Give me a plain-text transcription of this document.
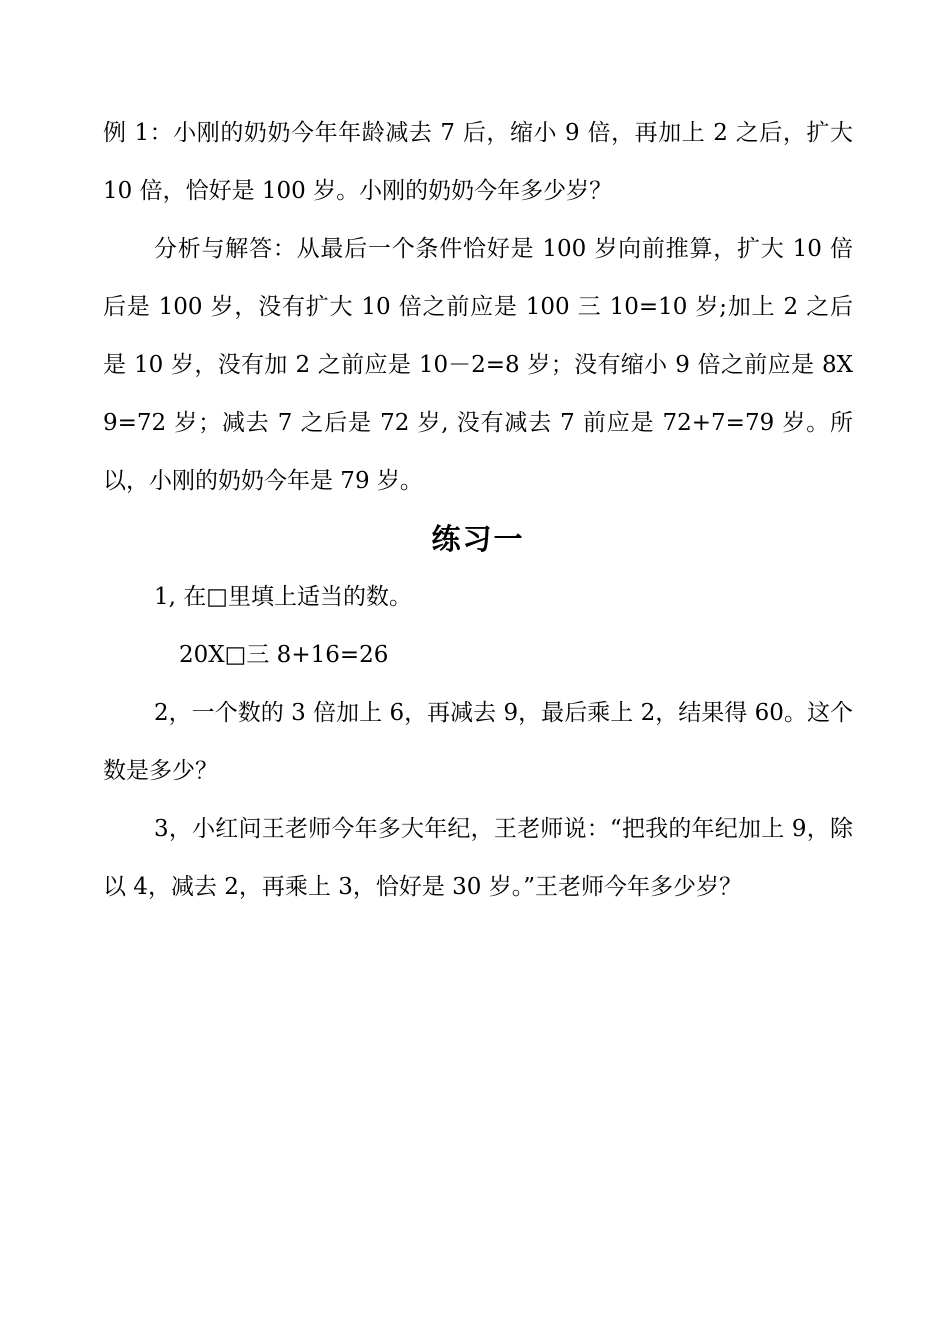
例 1：小刚的奶奶今年年龄减去 7 后，缩小 9 倍，再加上 2 之后，扩大 10 倍，恰好是 100 岁。小刚的奶奶今年多少岁？

分析与解答：从最后一个条件恰好是 100 岁向前推算，扩大 10 倍后是 100 岁，没有扩大 10 倍之前应是 100 三 10=10 岁;加上 2 之后是 10 岁，没有加 2 之前应是 10－2=8 岁；没有缩小 9 倍之前应是 8X9=72 岁；减去 7 之后是 72 岁, 没有减去 7 前应是 72+7=79 岁。所以，小刚的奶奶今年是 79 岁。

练习一

1, 在□里填上适当的数。

20X□三 8+16=26

2，一个数的 3 倍加上 6，再减去 9，最后乘上 2，结果得 60。这个数是多少？

3，小红问王老师今年多大年纪，王老师说：“把我的年纪加上 9，除以 4，减去 2，再乘上 3，恰好是 30 岁。”王老师今年多少岁？
